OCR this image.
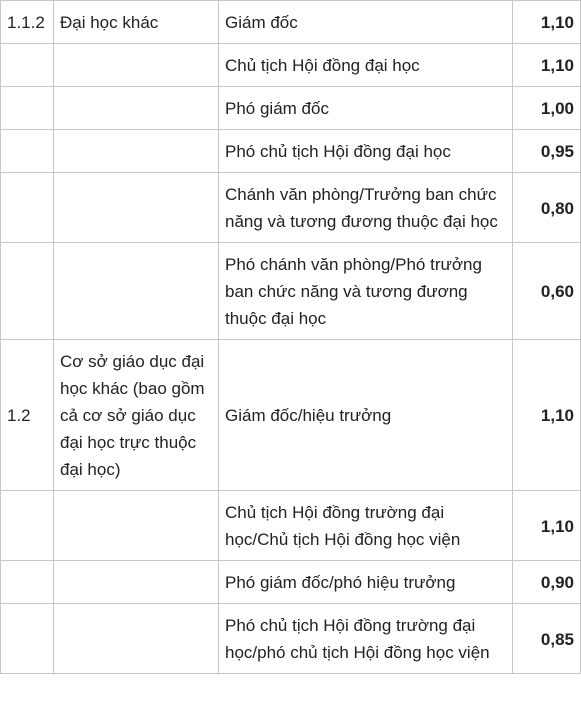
1.1.2	Đại học khác	Giám đốc	1,10
		Chủ tịch Hội đồng đại học	1,10
		Phó giám đốc	1,00
		Phó chủ tịch Hội đồng đại học	0,95
		Chánh văn phòng/Trưởng ban chức năng và tương đương thuộc đại học	0,80
		Phó chánh văn phòng/Phó trưởng ban chức năng và tương đương thuộc đại học	0,60
1.2	Cơ sở giáo dục đại học khác (bao gồm cả cơ sở giáo dục đại học trực thuộc đại học)	Giám đốc/hiệu trưởng	1,10
		Chủ tịch Hội đồng trường đại học/Chủ tịch Hội đồng học viện	1,10
		Phó giám đốc/phó hiệu trưởng	0,90
		Phó chủ tịch Hội đồng trường đại học/phó chủ tịch Hội đồng học viện	0,85
